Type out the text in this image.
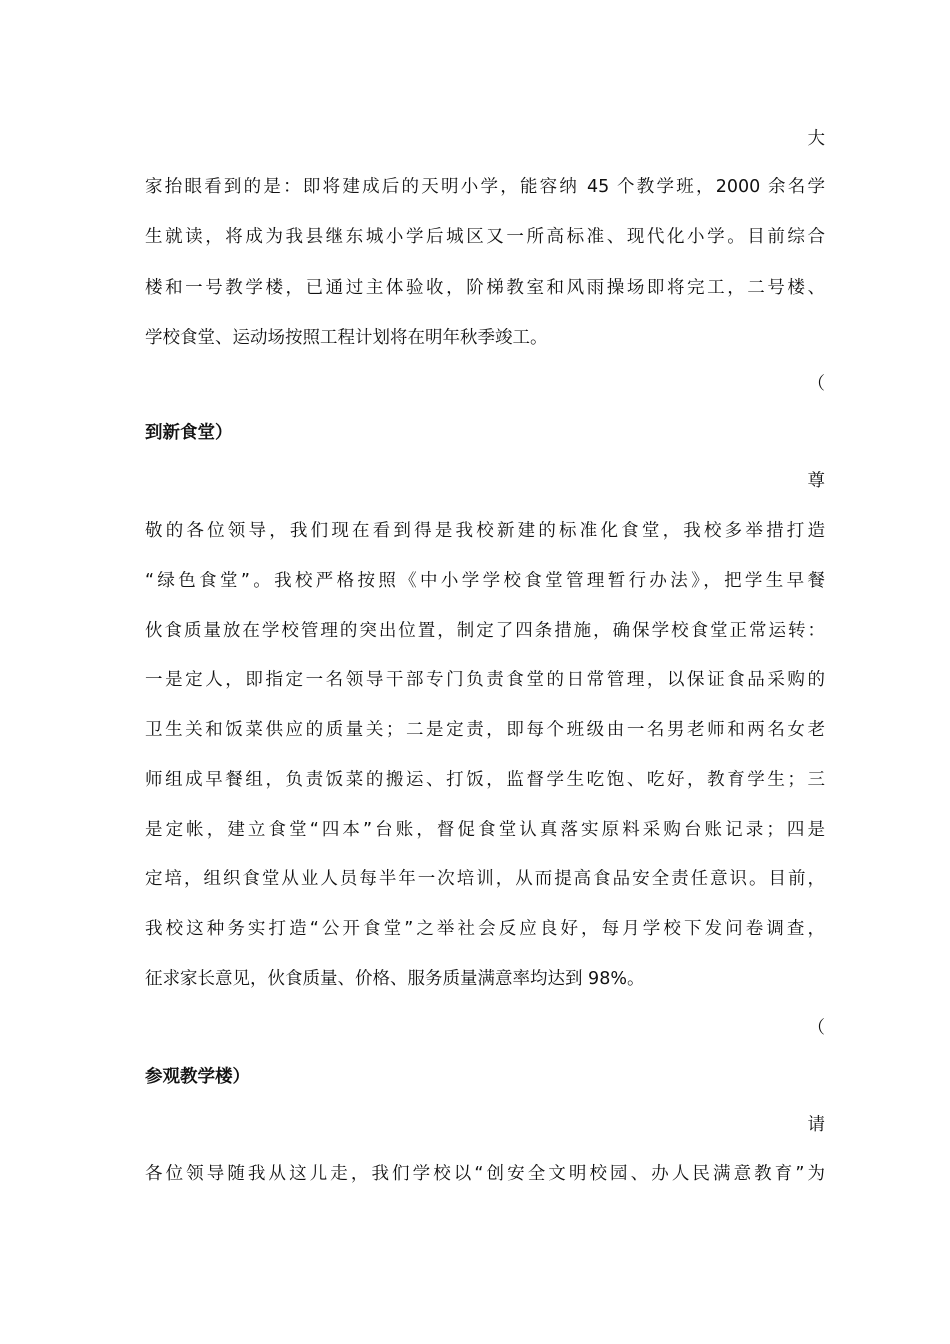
大
家抬眼看到的是：即将建成后的天明小学，能容纳 45 个教学班，2000 余名学
生就读，将成为我县继东城小学后城区又一所高标准、现代化小学。目前综合
楼和一号教学楼，已通过主体验收，阶梯教室和风雨操场即将完工，二号楼、
学校食堂、运动场按照工程计划将在明年秋季竣工。
（
到新食堂）
尊
敬的各位领导，我们现在看到得是我校新建的标准化食堂，我校多举措打造
“绿色食堂”。我校严格按照《中小学学校食堂管理暂行办法》，把学生早餐
伙食质量放在学校管理的突出位置，制定了四条措施，确保学校食堂正常运转：
一是定人，即指定一名领导干部专门负责食堂的日常管理，以保证食品采购的
卫生关和饭菜供应的质量关；二是定责，即每个班级由一名男老师和两名女老
师组成早餐组，负责饭菜的搬运、打饭，监督学生吃饱、吃好，教育学生；三
是定帐，建立食堂“四本”台账，督促食堂认真落实原料采购台账记录；四是
定培，组织食堂从业人员每半年一次培训，从而提高食品安全责任意识。目前，
我校这种务实打造“公开食堂”之举社会反应良好，每月学校下发问卷调查，
征求家长意见，伙食质量、价格、服务质量满意率均达到 98%。
（
参观教学楼）
请
各位领导随我从这儿走，我们学校以“创安全文明校园、办人民满意教育”为
